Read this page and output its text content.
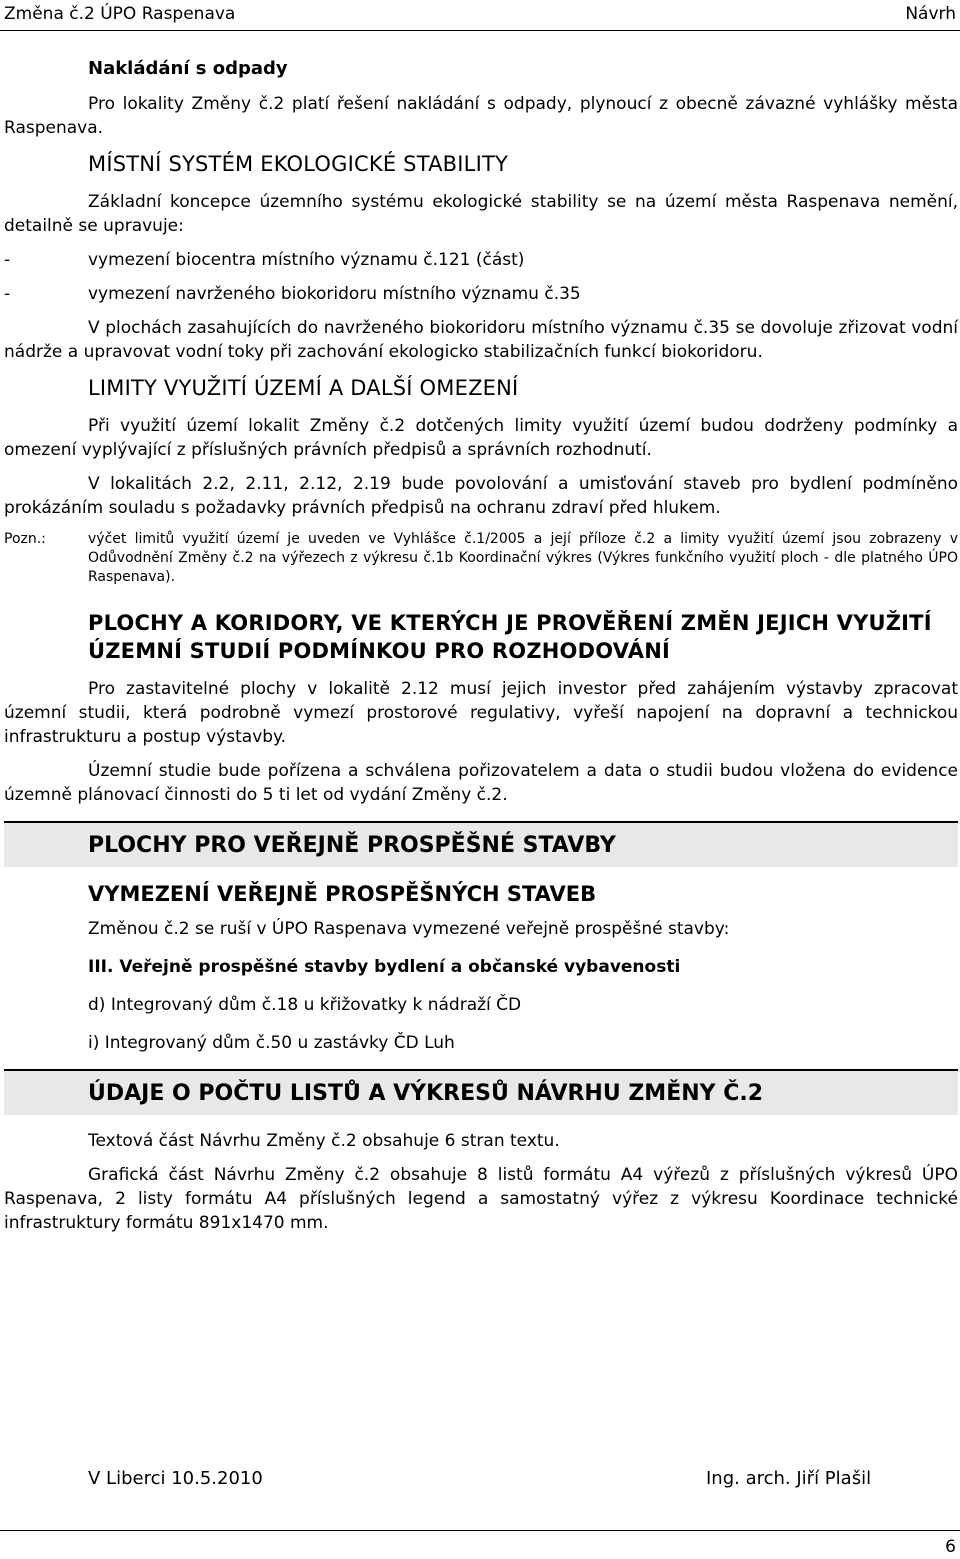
Změna č.2 ÚPO Raspenava	Návrh
Nakládání s odpady

Pro lokality Změny č.2 platí řešení nakládání s odpady, plynoucí z obecně závazné vyhlášky města Raspenava.

MÍSTNÍ SYSTÉM EKOLOGICKÉ STABILITY

Základní koncepce územního systému ekologické stability se na území města Raspenava nemění, detailně se upravuje:

-	vymezení biocentra místního významu č.121 (část)
-	vymezení navrženého biokoridoru místního významu č.35

V plochách zasahujících do navrženého biokoridoru místního významu č.35 se dovoluje zřizovat vodní nádrže a upravovat vodní toky při zachování ekologicko stabilizačních funkcí biokoridoru.

LIMITY VYUŽITÍ ÚZEMÍ A DALŠÍ OMEZENÍ

Při využití území lokalit Změny č.2 dotčených limity využití území budou dodrženy podmínky a omezení vyplývající z příslušných právních předpisů a správních rozhodnutí.

V lokalitách 2.2, 2.11, 2.12, 2.19 bude povolování a umisťování staveb pro bydlení podmíněno prokázáním souladu s požadavky právních předpisů na ochranu zdraví před hlukem.

Pozn.:	výčet limitů využití území je uveden ve Vyhlášce č.1/2005 a její příloze č.2 a limity využití území jsou zobrazeny v Odůvodnění Změny č.2 na výřezech z výkresu č.1b Koordinační výkres (Výkres funkčního využití ploch - dle platného ÚPO Raspenava).
PLOCHY A KORIDORY, VE KTERÝCH JE PROVĚŘENÍ ZMĚN JEJICH VYUŽITÍ ÚZEMNÍ STUDIÍ PODMÍNKOU PRO ROZHODOVÁNÍ

Pro zastavitelné plochy v lokalitě 2.12 musí jejich investor před zahájením výstavby zpracovat územní studii, která podrobně vymezí prostorové regulativy, vyřeší napojení na dopravní a technickou infrastrukturu a postup výstavby.

Územní studie bude pořízena a schválena pořizovatelem a data o studii budou vložena do evidence územně plánovací činnosti do 5 ti let od vydání Změny č.2.

PLOCHY PRO VEŘEJNĚ PROSPĚŠNÉ STAVBY
VYMEZENÍ VEŘEJNĚ PROSPĚŠNÝCH STAVEB

Změnou č.2 se ruší v ÚPO Raspenava vymezené veřejně prospěšné stavby:

III. Veřejně prospěšné stavby bydlení a občanské vybavenosti

d) Integrovaný dům č.18 u křižovatky k nádraží ČD

i) Integrovaný dům č.50 u zastávky ČD Luh

ÚDAJE O POČTU LISTŮ A VÝKRESŮ NÁVRHU ZMĚNY Č.2

Textová část Návrhu Změny č.2 obsahuje 6 stran textu.

Grafická část Návrhu Změny č.2 obsahuje 8 listů formátu A4 výřezů z příslušných výkresů ÚPO Raspenava, 2 listy formátu A4 příslušných legend a samostatný výřez z výkresu Koordinace technické infrastruktury formátu 891x1470 mm.

V Liberci 10.5.2010	Ing. arch. Jiří Plašil
6
